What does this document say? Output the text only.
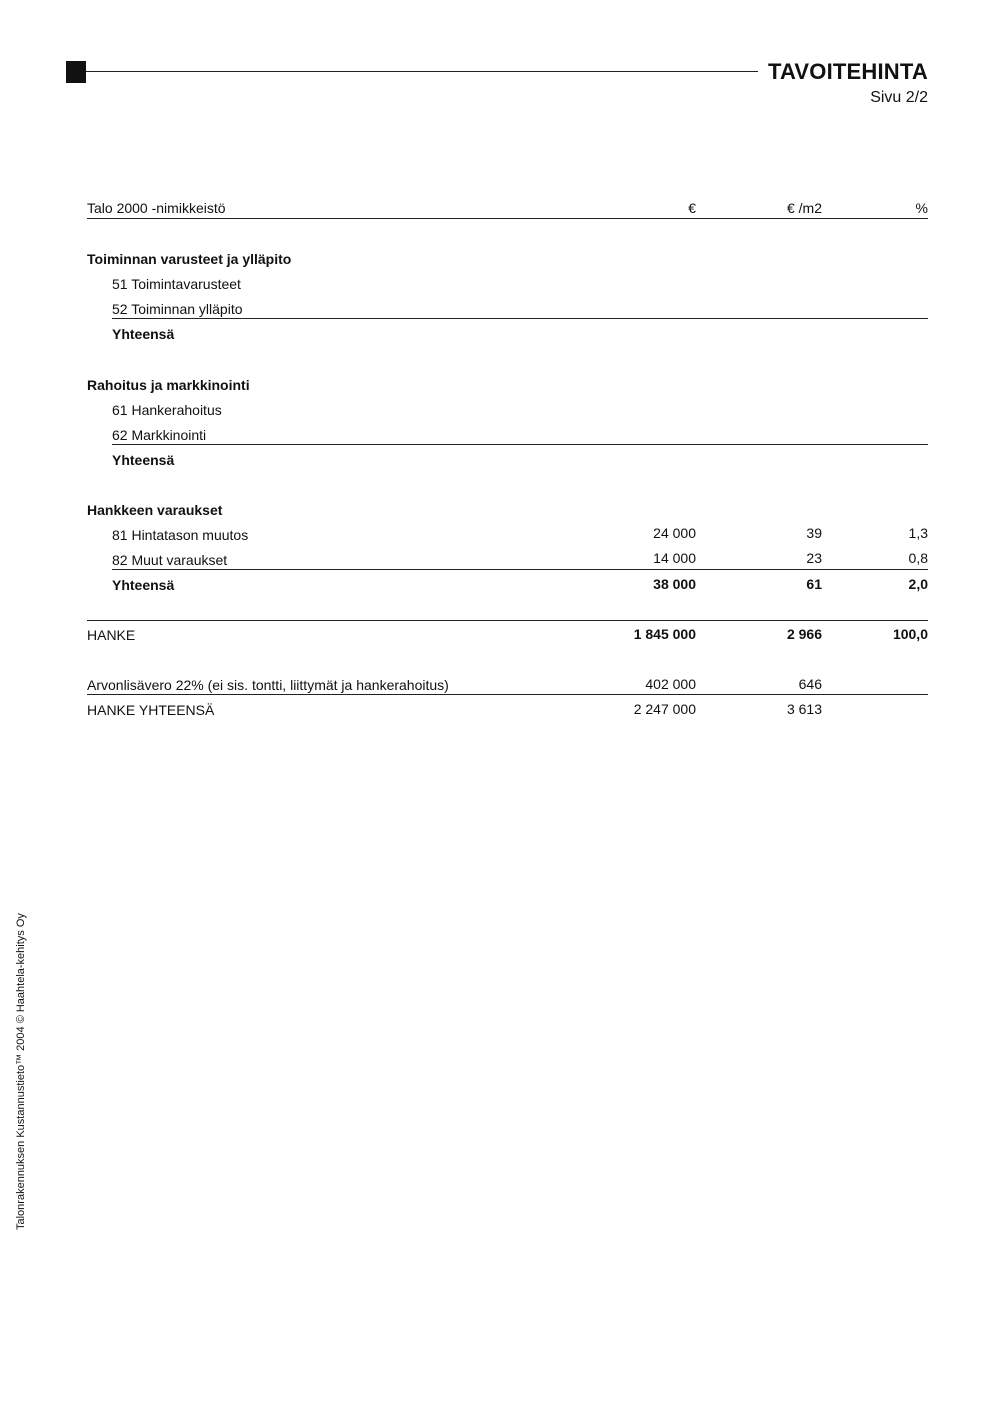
TAVOITEHINTA
Sivu 2/2
Talo 2000 -nimikkeistö	€	€ /m2	%
Toiminnan varusteet ja ylläpito
51 Toimintavarusteet
52 Toiminnan ylläpito
Yhteensä
Rahoitus ja markkinointi
61 Hankerahoitus
62 Markkinointi
Yhteensä
Hankkeen varaukset
81 Hintatason muutos	24 000	39	1,3
82 Muut varaukset	14 000	23	0,8
Yhteensä	38 000	61	2,0
HANKE	1 845 000	2 966	100,0
Arvonlisävero 22% (ei sis. tontti, liittymät ja hankerahoitus)	402 000	646
HANKE YHTEENSÄ	2 247 000	3 613
Talonrakennuksen Kustannustieto™ 2004 © Haahtela-kehitys Oy
